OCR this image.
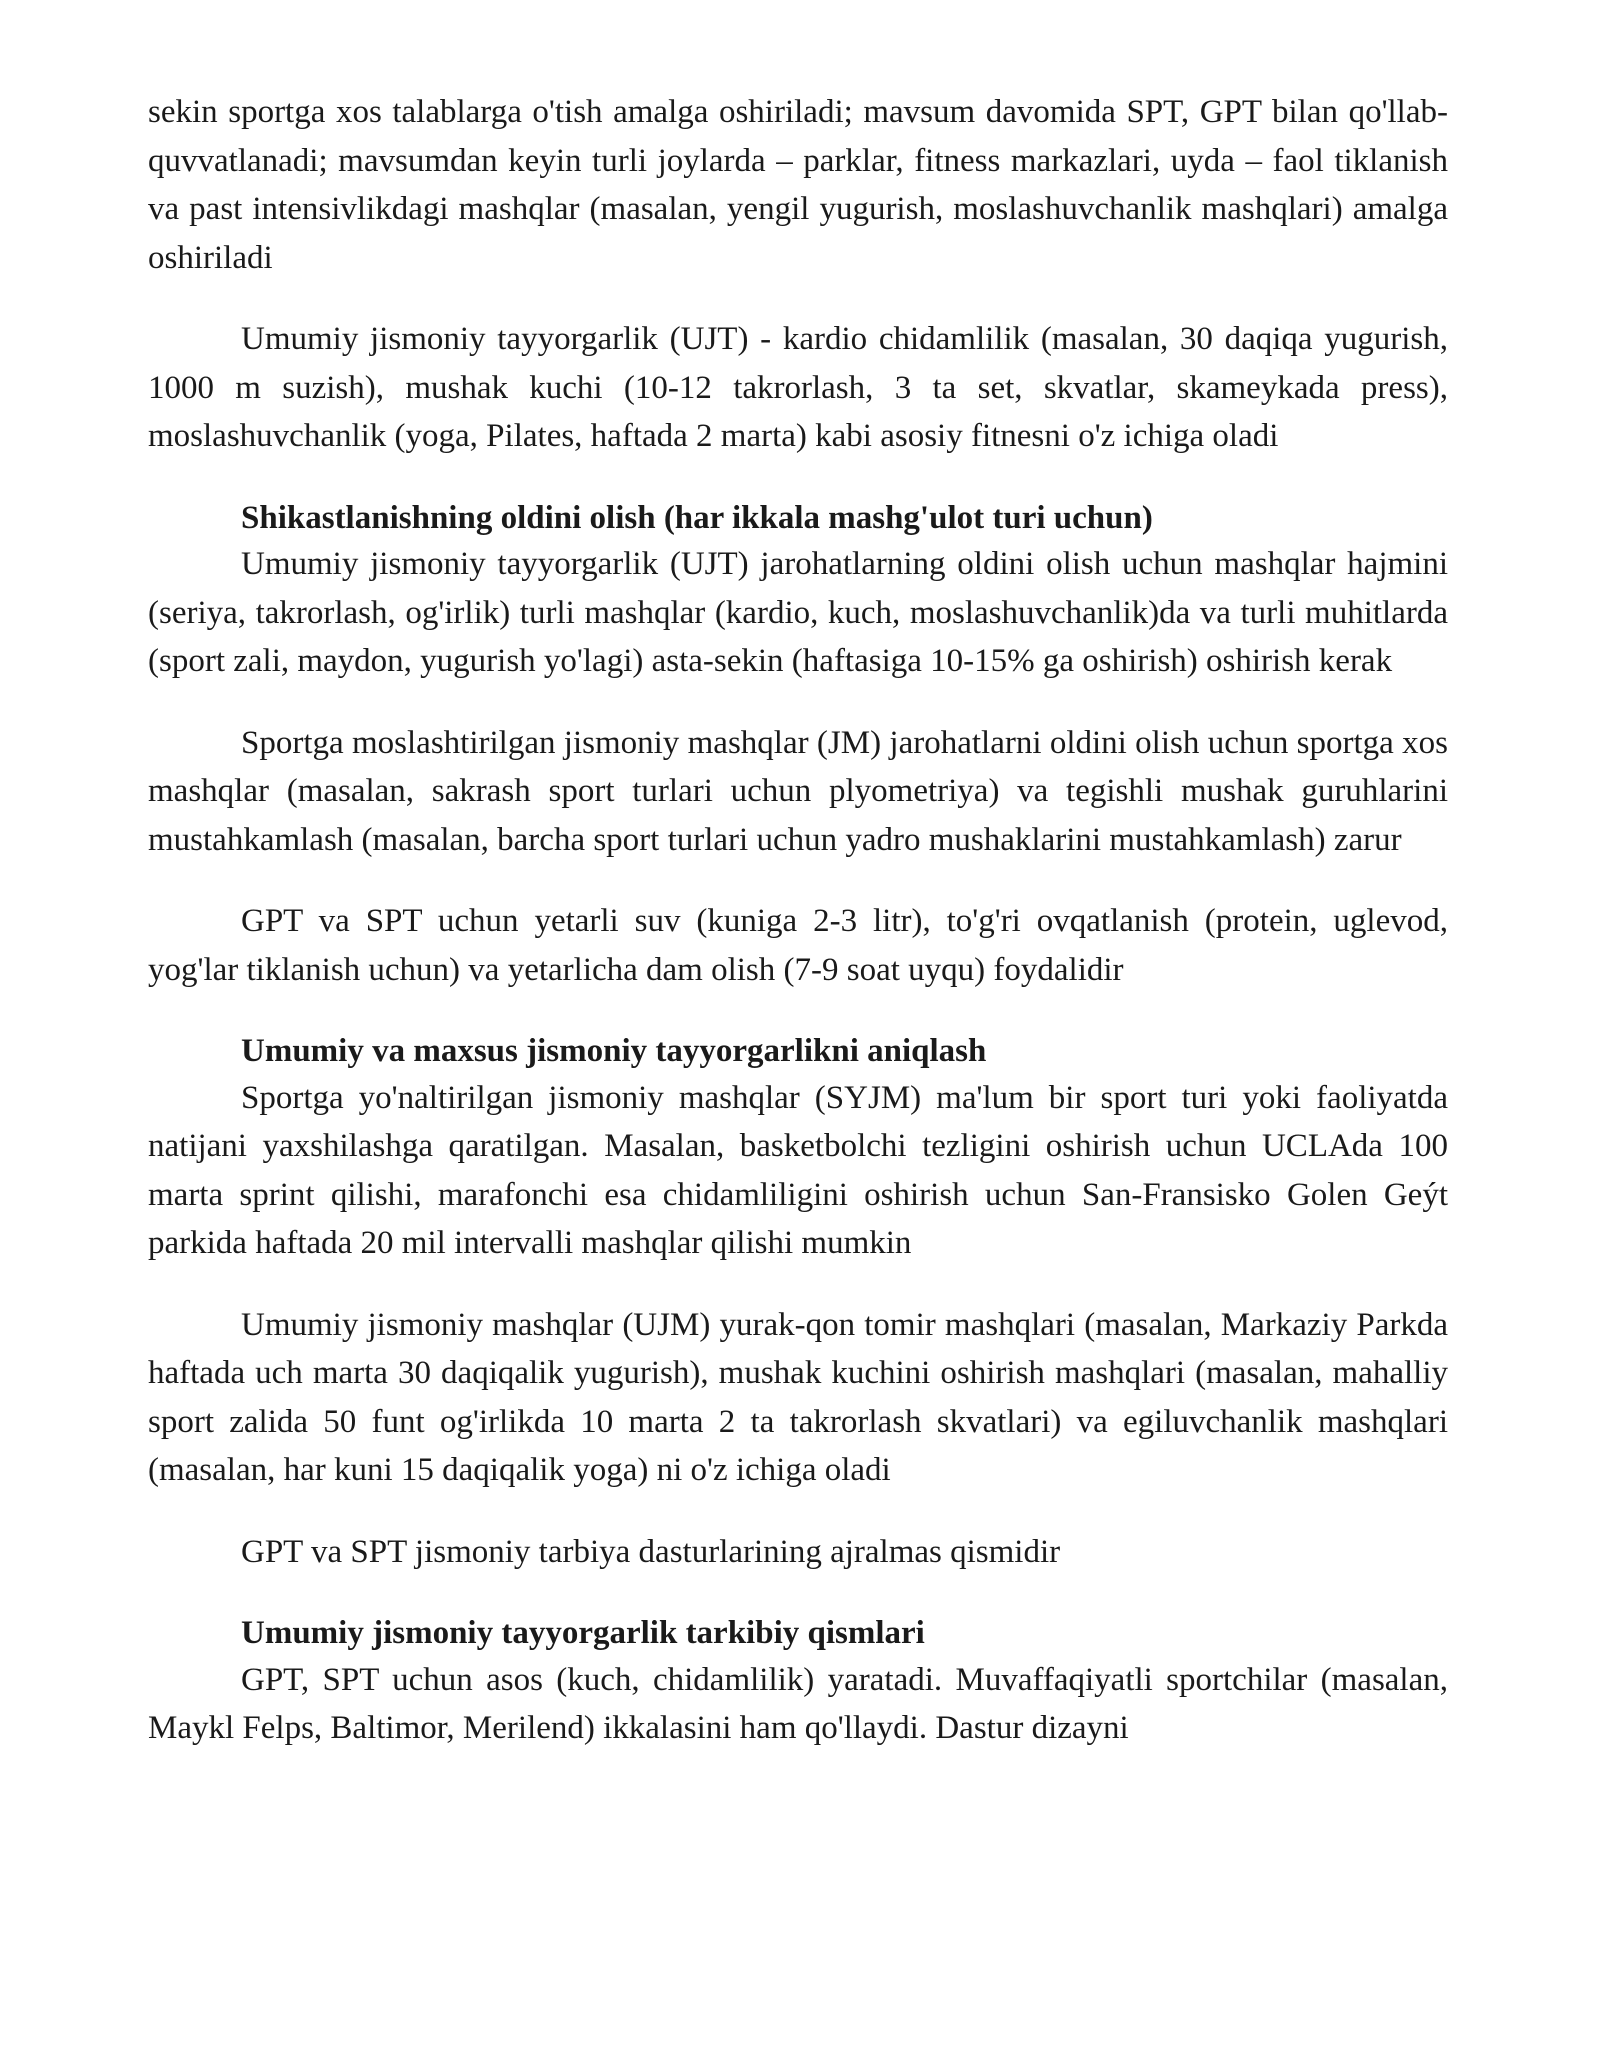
sekin sportga xos talablarga o'tish amalga oshiriladi; mavsum davomida SPT, GPT bilan qo'llab-quvvatlanadi; mavsumdan keyin turli joylarda – parklar, fitness markazlari, uyda – faol tiklanish va past intensivlikdagi mashqlar (masalan, yengil yugurish, moslashuvchanlik mashqlari) amalga oshiriladi

Umumiy jismoniy tayyorgarlik (UJT) - kardio chidamlilik (masalan, 30 daqiqa yugurish, 1000 m suzish), mushak kuchi (10-12 takrorlash, 3 ta set, skvatlar, skameykada press), moslashuvchanlik (yoga, Pilates, haftada 2 marta) kabi asosiy fitnesni o'z ichiga oladi

Shikastlanishning oldini olish (har ikkala mashg'ulot turi uchun)

Umumiy jismoniy tayyorgarlik (UJT) jarohatlarning oldini olish uchun mashqlar hajmini (seriya, takrorlash, og'irlik) turli mashqlar (kardio, kuch, moslashuvchanlik)da va turli muhitlarda (sport zali, maydon, yugurish yo'lagi) asta-sekin (haftasiga 10-15% ga oshirish) oshirish kerak

Sportga moslashtirilgan jismoniy mashqlar (JM) jarohatlarni oldini olish uchun sportga xos mashqlar (masalan, sakrash sport turlari uchun plyometriya) va tegishli mushak guruhlarini mustahkamlash (masalan, barcha sport turlari uchun yadro mushaklarini mustahkamlash) zarur

GPT va SPT uchun yetarli suv (kuniga 2-3 litr), to'g'ri ovqatlanish (protein, uglevod, yog'lar tiklanish uchun) va yetarlicha dam olish (7-9 soat uyqu) foydalidir

Umumiy va maxsus jismoniy tayyorgarlikni aniqlash

Sportga yo'naltirilgan jismoniy mashqlar (SYJM) ma'lum bir sport turi yoki faoliyatda natijani yaxshilashga qaratilgan. Masalan, basketbolchi tezligini oshirish uchun UCLAda 100 marta sprint qilishi, marafonchi esa chidamliligini oshirish uchun San-Fransisko Golen Geýt parkida haftada 20 mil intervalli mashqlar qilishi mumkin

Umumiy jismoniy mashqlar (UJM) yurak-qon tomir mashqlari (masalan, Markaziy Parkda haftada uch marta 30 daqiqalik yugurish), mushak kuchini oshirish mashqlari (masalan, mahalliy sport zalida 50 funt og'irlikda 10 marta 2 ta takrorlash skvatlari) va egiluvchanlik mashqlari (masalan, har kuni 15 daqiqalik yoga) ni o'z ichiga oladi

GPT va SPT jismoniy tarbiya dasturlarining ajralmas qismidir

Umumiy jismoniy tayyorgarlik tarkibiy qismlari

GPT, SPT uchun asos (kuch, chidamlilik) yaratadi. Muvaffaqiyatli sportchilar (masalan, Maykl Felps, Baltimor, Merilend) ikkalasini ham qo'llaydi. Dastur dizayni
